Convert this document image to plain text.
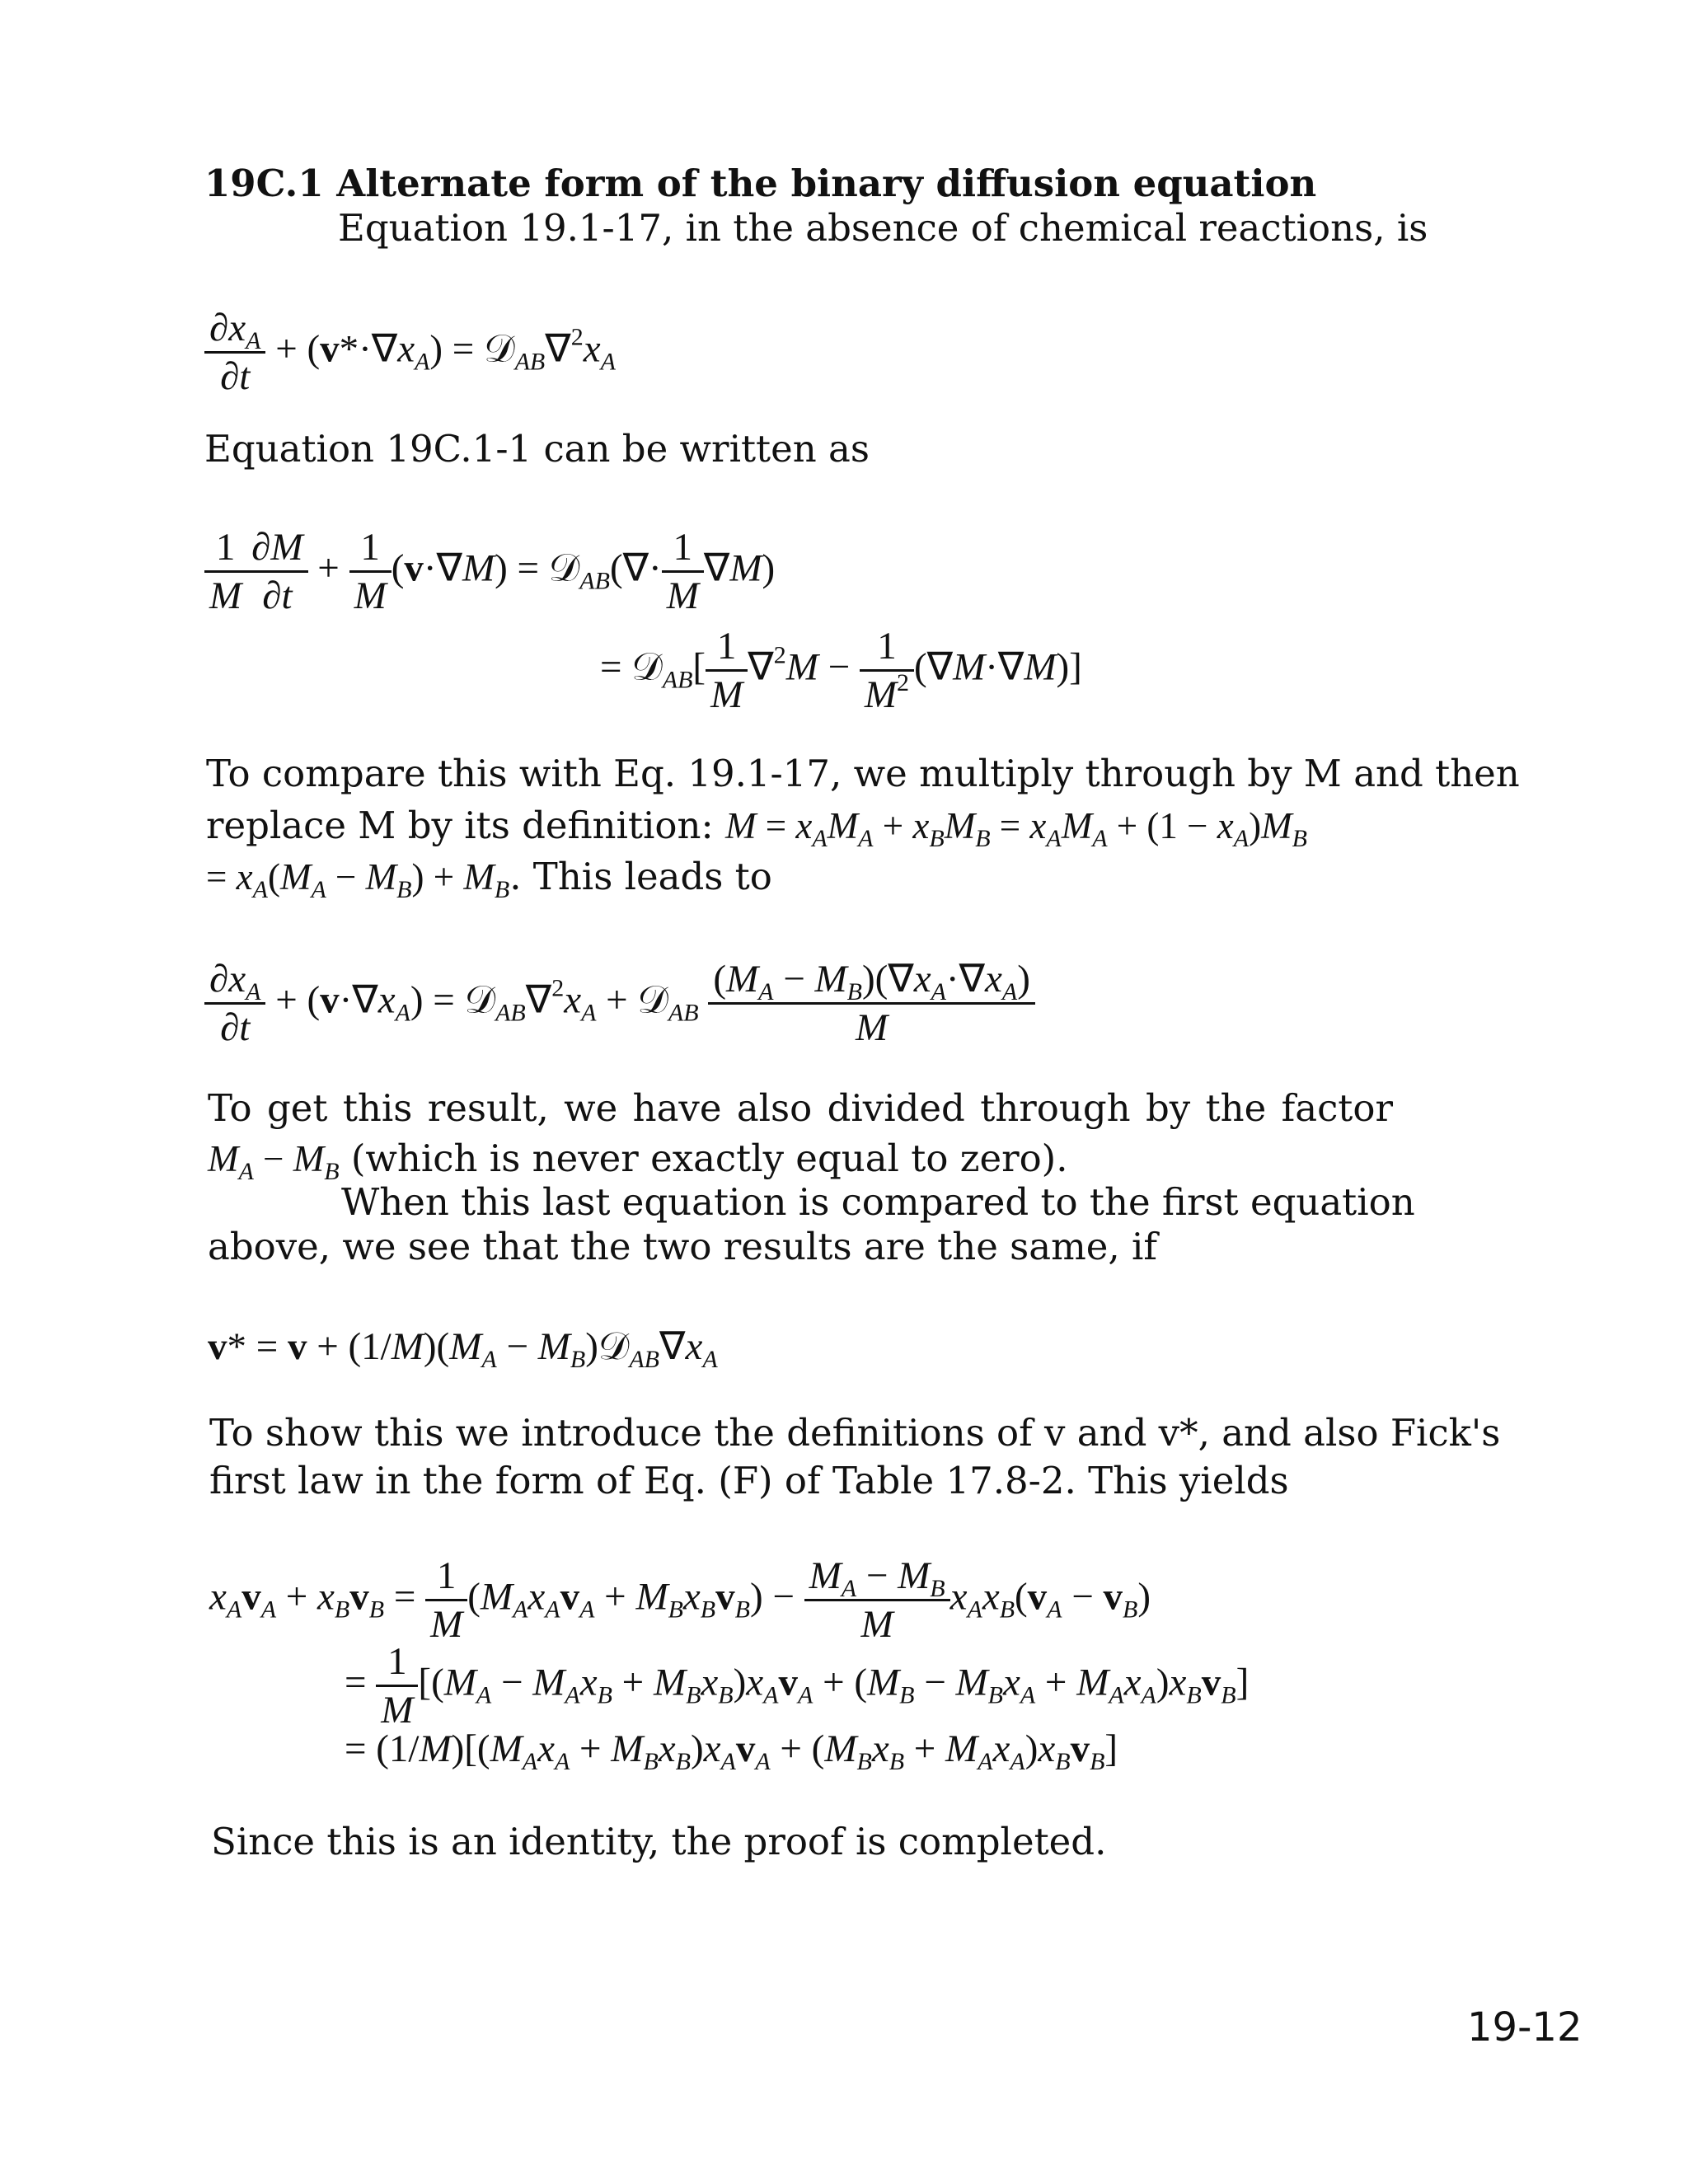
19C.1 Alternate form of the binary diffusion equation
Equation 19.1-17, in the absence of chemical reactions, is
$\frac{\partial x_A}{\partial t} + (v*\cdot\nabla x_A)$ = $𝒟_{AB}\nabla^2x_A$
Equation 19C.1-1 can be written as
$\frac{1}{M} \frac{\partial M}{\partial t} + \frac{1}{M} (v\cdot\nabla M)$ = 𝒟$_{AB}$(∇· $\frac{1}{M} \nabla M$)
= 𝒟$_{AB}$[ $\frac{1}{M} \nabla^2M - \frac{1}{M^2} (\nabla M\cdot\nabla M)$]
To compare this with Eq. 19.1-17, we multiply through by M and then
replace M by its definition: $M = x_AM_A + x_BM_B = x_AM_A + (1 - x_A)M_B$
= $x_A(M_A - M_B) + M_B$. This leads to
$\frac{\partial x_A}{\partial t} + (v\cdot\nabla x_A)$ = $𝒟_{AB}\nabla^2x_A$ + 𝒟$_{AB}$ $\frac{(M_A - M_B)(\nabla x_A\cdot\nabla x_A)}{M}$
To get this result, we have also divided through by the factor
$M_A - M_B$ (which is never exactly equal to zero).
When this last equation is compared to the first equation
above, we see that the two results are the same, if
$v* = v + (1/M)(M_A$ − $M_B)𝒟_{AB}\nabla x_A$
To show this we introduce the definitions of v and v*, and also Fick's
first law in the form of Eq. (F) of Table 17.8-2. This yields
$x_Av_A + x_Bv_B = \frac{1}{M} (M_Ax_Av_A + M_Bx_Bv_B) - \frac{M_A - M_B}{M} x_Ax_B(v_A - v_B)$
= $\frac{1}{M} [(M_A - M_Ax_B + M_Bx_B)x_Av_A + (M_B - M_Bx_A + M_Ax_A)x_Bv_B]$
= $(1/M)[(M_Ax_A + M_Bx_B)x_Av_A + (M_Bx_B + M_Ax_A)x_Bv_B]$
Since this is an identity, the proof is completed.
19-12
